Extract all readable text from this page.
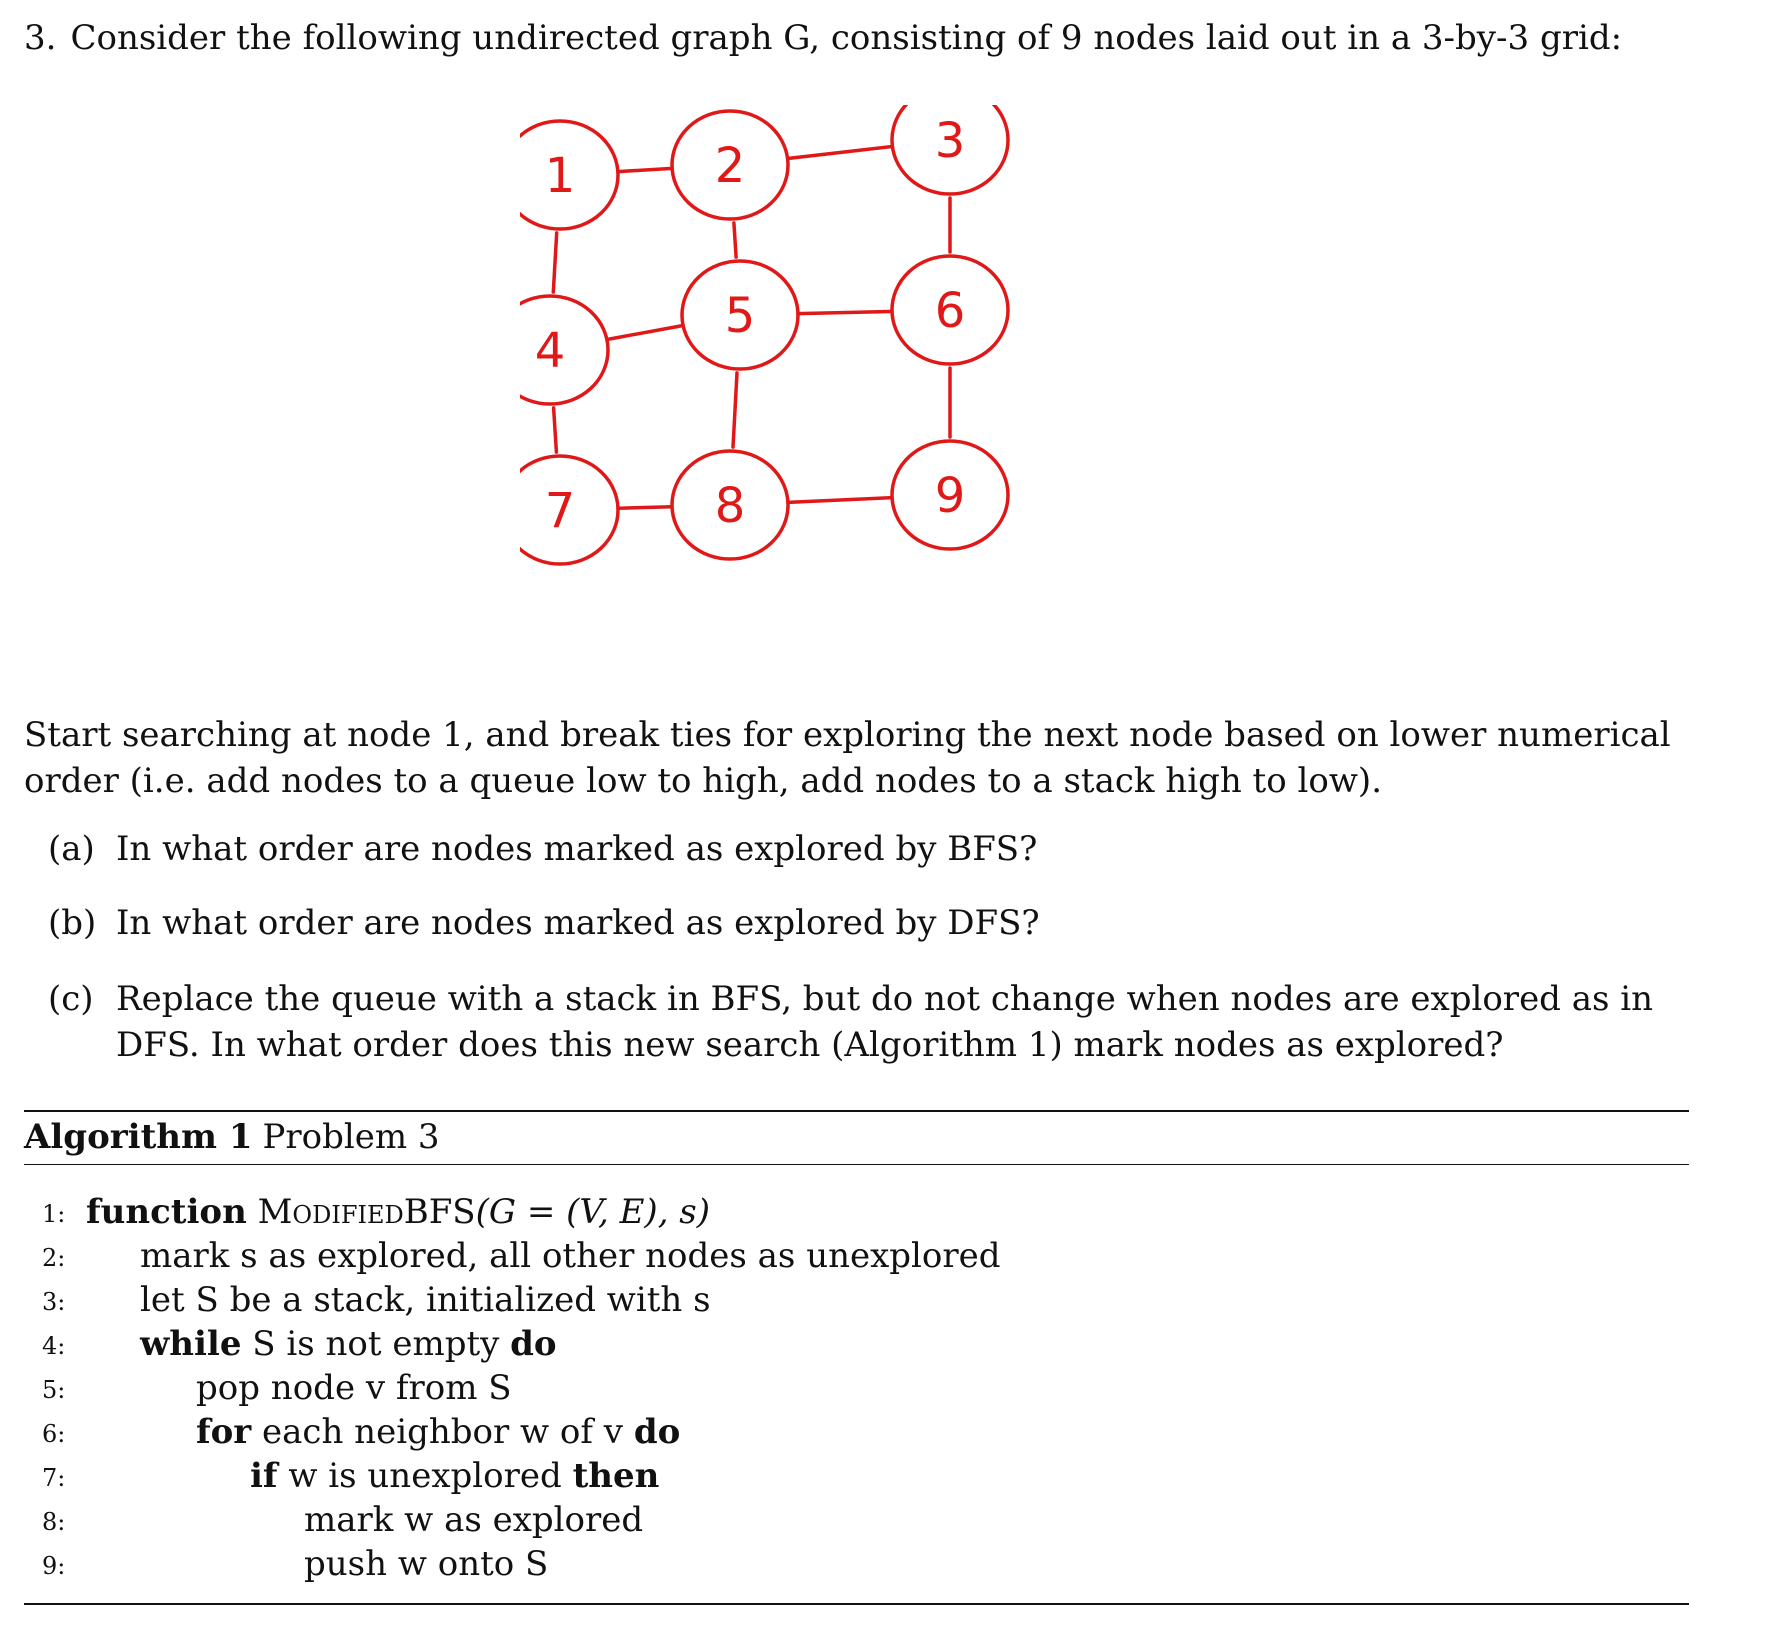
3. Consider the following undirected graph G, consisting of 9 nodes laid out in a 3-by-3 grid:
1	2	3
4
5	6
7	8	9

Start searching at node 1, and break ties for exploring the next node based on lower numerical order (i.e. add nodes to a queue low to high, add nodes to a stack high to low).

(a) In what order are nodes marked as explored by BFS?
(b) In what order are nodes marked as explored by DFS?
(c) Replace the queue with a stack in BFS, but do not change when nodes are explored as in DFS. In what order does this new search (Algorithm 1) mark nodes as explored?
Algorithm 1 Problem 3
1: function ModifiedBFS(G = (V, E), s)
2: mark s as explored, all other nodes as unexplored
3: let S be a stack, initialized with s
4: while S is not empty do
5:	pop node v from S
6:	for each neighbor w of v do
7:	if w is unexplored then
8:	mark w as explored
9:	push w onto S
